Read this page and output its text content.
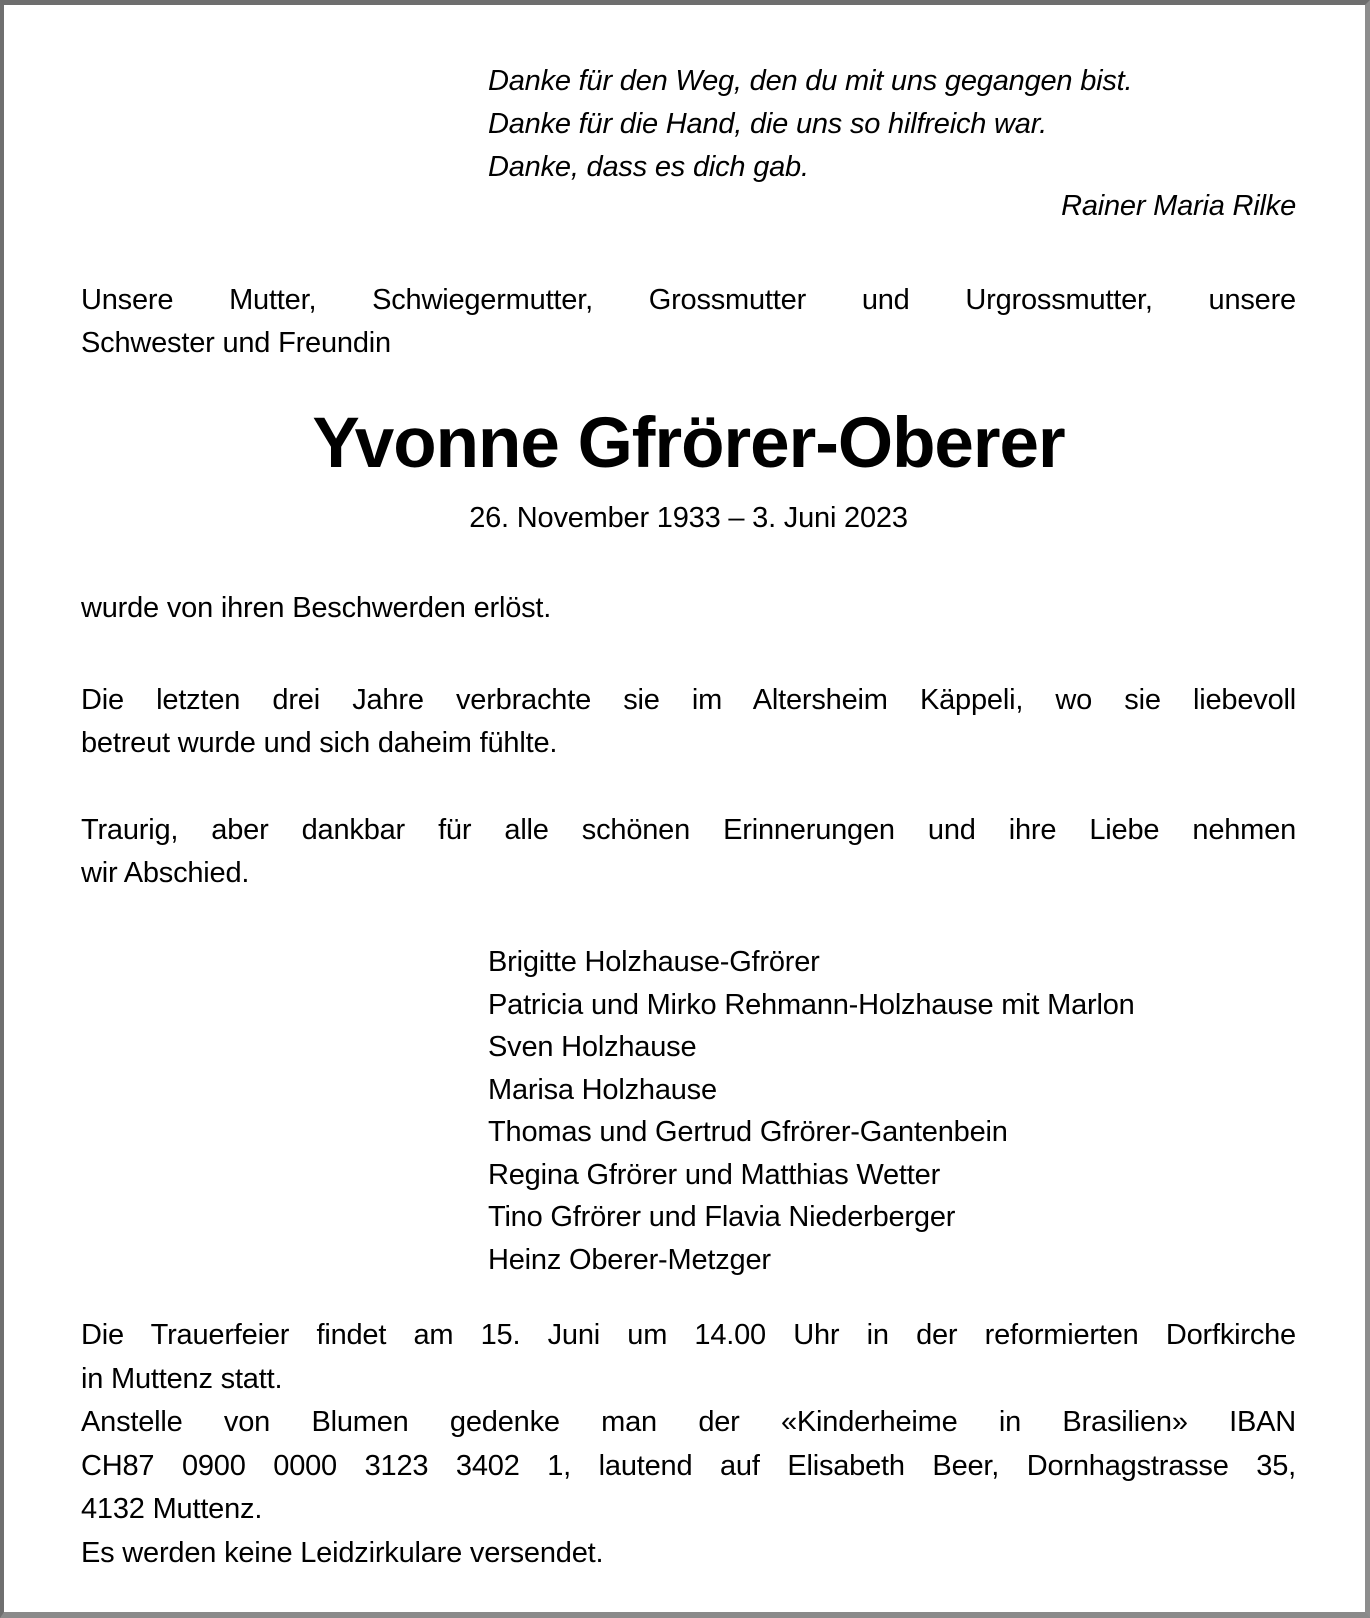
Danke für den Weg, den du mit uns gegangen bist.
Danke für die Hand, die uns so hilfreich war.
Danke, dass es dich gab.
Rainer Maria Rilke
Unsere Mutter, Schwiegermutter, Grossmutter und Urgrossmutter, unsere
Schwester und Freundin
Yvonne Gfrörer-Oberer
26. November 1933 – 3. Juni 2023
wurde von ihren Beschwerden erlöst.
Die letzten drei Jahre verbrachte sie im Altersheim Käppeli, wo sie liebevoll
betreut wurde und sich daheim fühlte.
Traurig, aber dankbar für alle schönen Erinnerungen und ihre Liebe nehmen
wir Abschied.
Brigitte Holzhause-Gfrörer
Patricia und Mirko Rehmann-Holzhause mit Marlon
Sven Holzhause
Marisa Holzhause
Thomas und Gertrud Gfrörer-Gantenbein
Regina Gfrörer und Matthias Wetter
Tino Gfrörer und Flavia Niederberger
Heinz Oberer-Metzger
Die Trauerfeier findet am 15. Juni um 14.00 Uhr in der reformierten Dorfkirche
in Muttenz statt.
Anstelle von Blumen gedenke man der «Kinderheime in Brasilien» IBAN
CH87 0900 0000 3123 3402 1, lautend auf Elisabeth Beer, Dornhagstrasse 35,
4132 Muttenz.
Es werden keine Leidzirkulare versendet.
